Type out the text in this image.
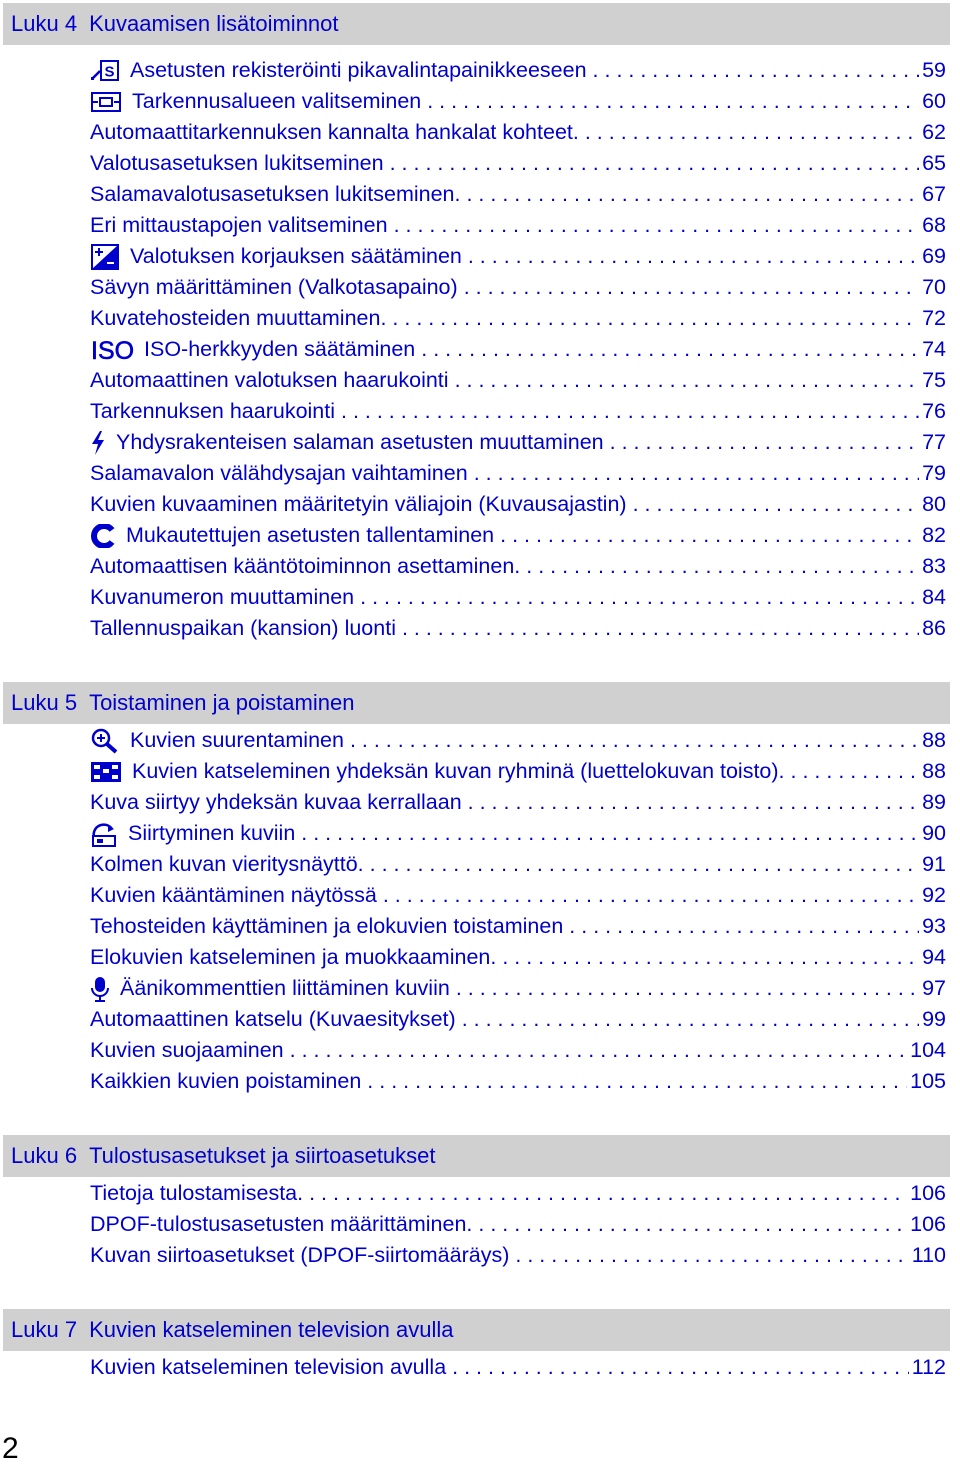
Luku 4 Kuvaamisen lisätoiminnot
S Asetusten rekisteröinti pikavalintapainikkeeseen . . .	59
Tarkennusalueen valitseminen . . .	60
Automaattitarkennuksen kannalta hankalat kohteet. . . .	62
Valotusasetuksen lukitseminen . . .	65
Salamavalotusasetuksen lukitseminen. . . .	67
Eri mittaustapojen valitseminen . . .	68
Valotuksen korjauksen säätäminen . . .	69
Sävyn määrittäminen (Valkotasapaino) . . .	70
Kuvatehosteiden muuttaminen. . . .	72
ISO ISO-herkkyyden säätäminen . . .	74
Automaattinen valotuksen haarukointi . . .	75
Tarkennuksen haarukointi . . .	76
Yhdysrakenteisen salaman asetusten muuttaminen . . .	77
Salamavalon välähdysajan vaihtaminen . . .	79
Kuvien kuvaaminen määritetyin väliajoin (Kuvausajastin) . . .	80
Mukautettujen asetusten tallentaminen . . .	82
Automaattisen kääntötoiminnon asettaminen. . . .	83
Kuvanumeron muuttaminen . . .	84
Tallennuspaikan (kansion) luonti . . .	86
Luku 5 Toistaminen ja poistaminen
Kuvien suurentaminen . . .	88
Kuvien katseleminen yhdeksän kuvan ryhminä (luettelokuvan toisto). . . .	88
Kuva siirtyy yhdeksän kuvaa kerrallaan . . .	89
Siirtyminen kuviin . . .	90
Kolmen kuvan vieritysnäyttö. . . .	91
Kuvien kääntäminen näytössä . . .	92
Tehosteiden käyttäminen ja elokuvien toistaminen . . .	93
Elokuvien katseleminen ja muokkaaminen. . . .	94
Äänikommenttien liittäminen kuviin . . .	97
Automaattinen katselu (Kuvaesitykset) . . .	99
Kuvien suojaaminen . . .	104
Kaikkien kuvien poistaminen . . .	105
Luku 6 Tulostusasetukset ja siirtoasetukset
Tietoja tulostamisesta. . . .	106
DPOF-tulostusasetusten määrittäminen. . . .	106
Kuvan siirtoasetukset (DPOF-siirtomääräys) . . .	110
Luku 7 Kuvien katseleminen television avulla
Kuvien katseleminen television avulla . . .	112
2
